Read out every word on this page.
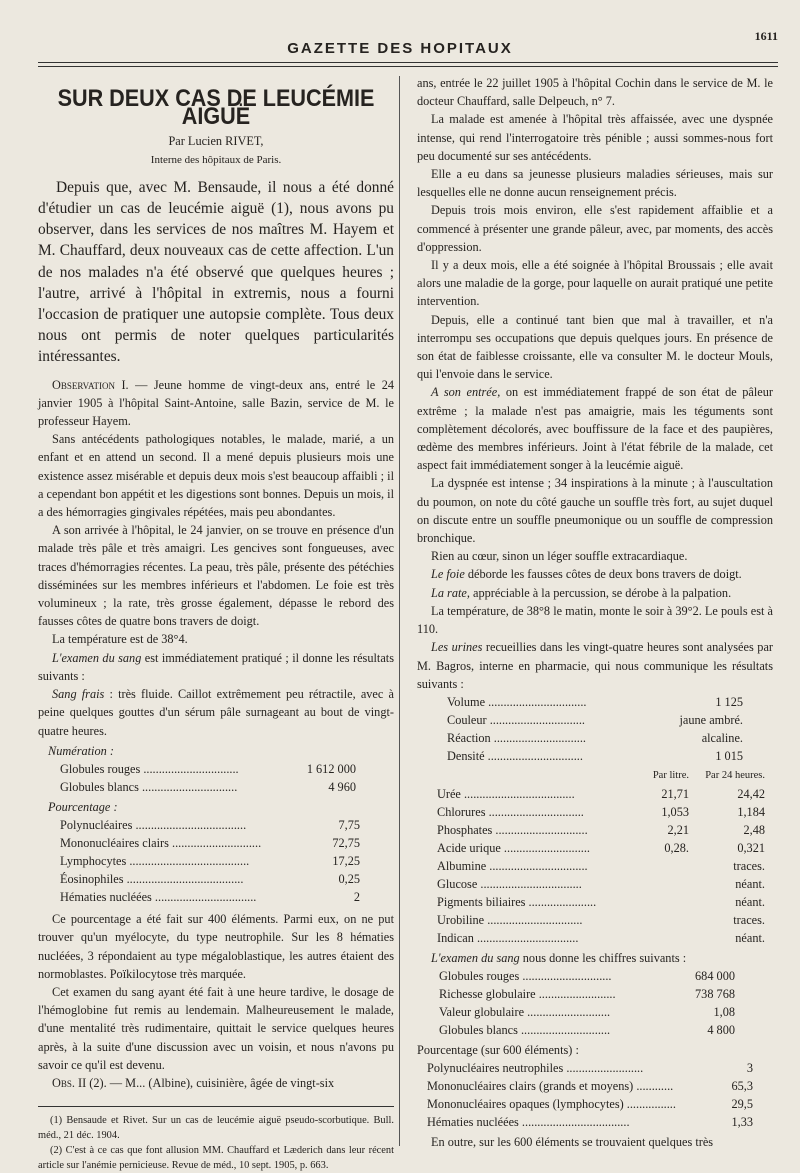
1611
GAZETTE DES HOPITAUX
SUR DEUX CAS DE LEUCÉMIE AIGUË
Par Lucien RIVET,
Interne des hôpitaux de Paris.

Depuis que, avec M. Bensaude, il nous a été donné d'étudier un cas de leucémie aiguë (1), nous avons pu observer, dans les services de nos maîtres M. Hayem et M. Chauffard, deux nouveaux cas de cette affection. L'un de nos malades n'a été observé que quelques heures ; l'autre, arrivé à l'hôpital in extremis, nous a fourni l'occasion de pratiquer une autopsie complète. Tous deux nous ont permis de noter quelques particularités intéressantes.

Observation I. — Jeune homme de vingt-deux ans, entré le 24 janvier 1905 à l'hôpital Saint-Antoine, salle Bazin, service de M. le professeur Hayem.

Sans antécédents pathologiques notables, le malade, marié, a un enfant et en attend un second. Il a mené depuis plusieurs mois une existence assez misérable et depuis deux mois s'est beaucoup affaibli ; il a cependant bon appétit et les digestions sont bonnes. Depuis un mois, il a des hémorragies gingivales répétées, mais peu abondantes.

A son arrivée à l'hôpital, le 24 janvier, on se trouve en présence d'un malade très pâle et très amaigri. Les gencives sont fongueuses, avec traces d'hémorragies récentes. La peau, très pâle, présente des pétéchies disséminées sur les membres inférieurs et l'abdomen. Le foie est très volumineux ; la rate, très grosse également, dépasse le rebord des fausses côtes de quatre bons travers de doigt.

La température est de 38°4.

L'examen du sang est immédiatement pratiqué ; il donne les résultats suivants :

Sang frais : très fluide. Caillot extrêmement peu rétractile, avec à peine quelques gouttes d'un sérum pâle surnageant au bout de vingt-quatre heures.

Numération :
Globules rouges ...............................	1 612 000
Globules blancs ...............................	4 960
Pourcentage :
Polynucléaires ....................................	7,75
Mononucléaires clairs .............................	72,75
Lymphocytes .......................................	17,25
Éosinophiles ......................................	0,25
Hématies nucléées .................................	2

Ce pourcentage a été fait sur 400 éléments. Parmi eux, on ne put trouver qu'un myélocyte, du type neutrophile. Sur les 8 hématies nucléées, 3 répondaient au type mégaloblastique, les autres étaient des normoblastes. Poïkilocytose très marquée.

Cet examen du sang ayant été fait à une heure tardive, le dosage de l'hémoglobine fut remis au lendemain. Malheureusement le malade, d'une mentalité très rudimentaire, quittait le service quelques heures après, à la suite d'une discussion avec un voisin, et nous n'avons pu savoir ce qu'il est devenu.

Obs. II (2). — M... (Albine), cuisinière, âgée de vingt-six

(1) Bensaude et Rivet. Sur un cas de leucémie aiguë pseudo-scorbutique. Bull. méd., 21 déc. 1904.

(2) C'est à ce cas que font allusion MM. Chauffard et Læderich dans leur récent article sur l'anémie pernicieuse. Revue de méd., 10 sept. 1905, p. 663.

ans, entrée le 22 juillet 1905 à l'hôpital Cochin dans le service de M. le docteur Chauffard, salle Delpeuch, n° 7.

La malade est amenée à l'hôpital très affaissée, avec une dyspnée intense, qui rend l'interrogatoire très pénible ; aussi sommes-nous fort peu documenté sur ses antécédents.

Elle a eu dans sa jeunesse plusieurs maladies sérieuses, mais sur lesquelles elle ne donne aucun renseignement précis.

Depuis trois mois environ, elle s'est rapidement affaiblie et a commencé à présenter une grande pâleur, avec, par moments, des accès d'oppression.

Il y a deux mois, elle a été soignée à l'hôpital Broussais ; elle avait alors une maladie de la gorge, pour laquelle on aurait pratiqué une petite intervention.

Depuis, elle a continué tant bien que mal à travailler, et n'a interrompu ses occupations que depuis quelques jours. En présence de son état de faiblesse croissante, elle va consulter M. le docteur Mouls, qui l'envoie dans le service.

A son entrée, on est immédiatement frappé de son état de pâleur extrême ; la malade n'est pas amaigrie, mais les téguments sont complètement décolorés, avec bouffissure de la face et des paupières, œdème des membres inférieurs. Joint à l'état fébrile de la malade, cet aspect fait immédiatement songer à la leucémie aiguë.

La dyspnée est intense ; 34 inspirations à la minute ; à l'auscultation du poumon, on note du côté gauche un souffle très fort, au sujet duquel on discute entre un souffle pneumonique ou un souffle de compression bronchique.

Rien au cœur, sinon un léger souffle extracardiaque.

Le foie déborde les fausses côtes de deux bons travers de doigt.

La rate, appréciable à la percussion, se dérobe à la palpation.

La température, de 38°8 le matin, monte le soir à 39°2. Le pouls est à 110.

Les urines recueillies dans les vingt-quatre heures sont analysées par M. Bagros, interne en pharmacie, qui nous communique les résultats suivants :

Volume ................................	1 125
Couleur ...............................	jaune ambré.
Réaction ..............................	alcaline.
Densité ...............................	1 015
	Par litre.	Par 24 heures.
Urée ....................................	21,71	24,42
Chlorures ...............................	1,053	1,184
Phosphates ..............................	2,21	2,48
Acide urique ............................	0,28.	0,321
Albumine ................................		traces.
Glucose .................................		néant.
Pigments biliaires ......................		néant.
Urobiline ...............................		traces.
Indican .................................		néant.

L'examen du sang nous donne les chiffres suivants :

Globules rouges .............................	684 000
Richesse globulaire .........................	738 768
Valeur globulaire ...........................	1,08
Globules blancs .............................	4 800
Pourcentage (sur 600 éléments) :
Polynucléaires neutrophiles .........................	3
Mononucléaires clairs (grands et moyens) ............	65,3
Mononucléaires opaques (lymphocytes) ................	29,5
Hématies nucléées ...................................	1,33

En outre, sur les 600 éléments se trouvaient quelques très
